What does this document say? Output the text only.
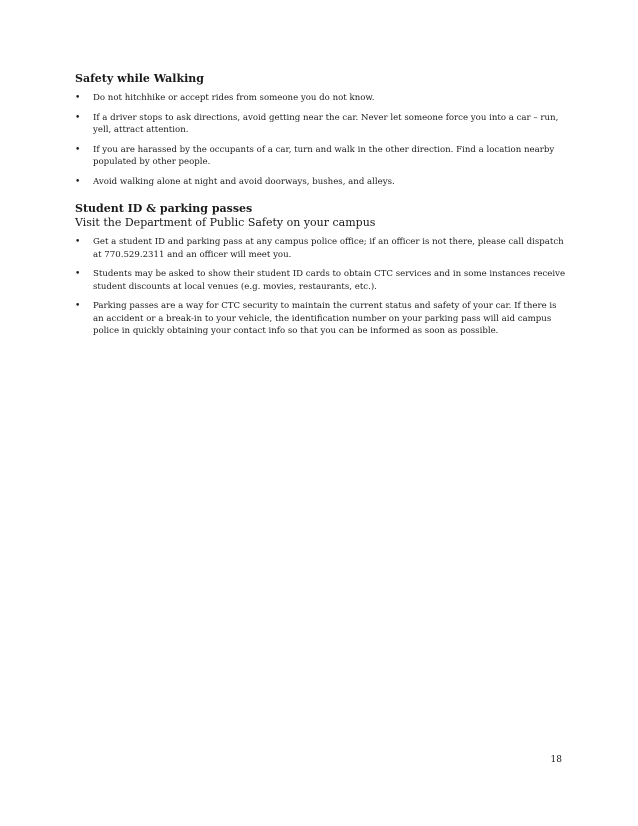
Safety while Walking

• Do not hitchhike or accept rides from someone you do not know.
• If a driver stops to ask directions, avoid getting near the car. Never let someone force you into a car – run, yell, attract attention.
• If you are harassed by the occupants of a car, turn and walk in the other direction. Find a location nearby populated by other people.
• Avoid walking alone at night and avoid doorways, bushes, and alleys.

Student ID & parking passes

Visit the Department of Public Safety on your campus

• Get a student ID and parking pass at any campus police office; if an officer is not there, please call dispatch at 770.529.2311 and an officer will meet you.
• Students may be asked to show their student ID cards to obtain CTC services and in some instances receive student discounts at local venues (e.g. movies, restaurants, etc.).
• Parking passes are a way for CTC security to maintain the current status and safety of your car. If there is an accident or a break-in to your vehicle, the identification number on your parking pass will aid campus police in quickly obtaining your contact info so that you can be informed as soon as possible.
18
